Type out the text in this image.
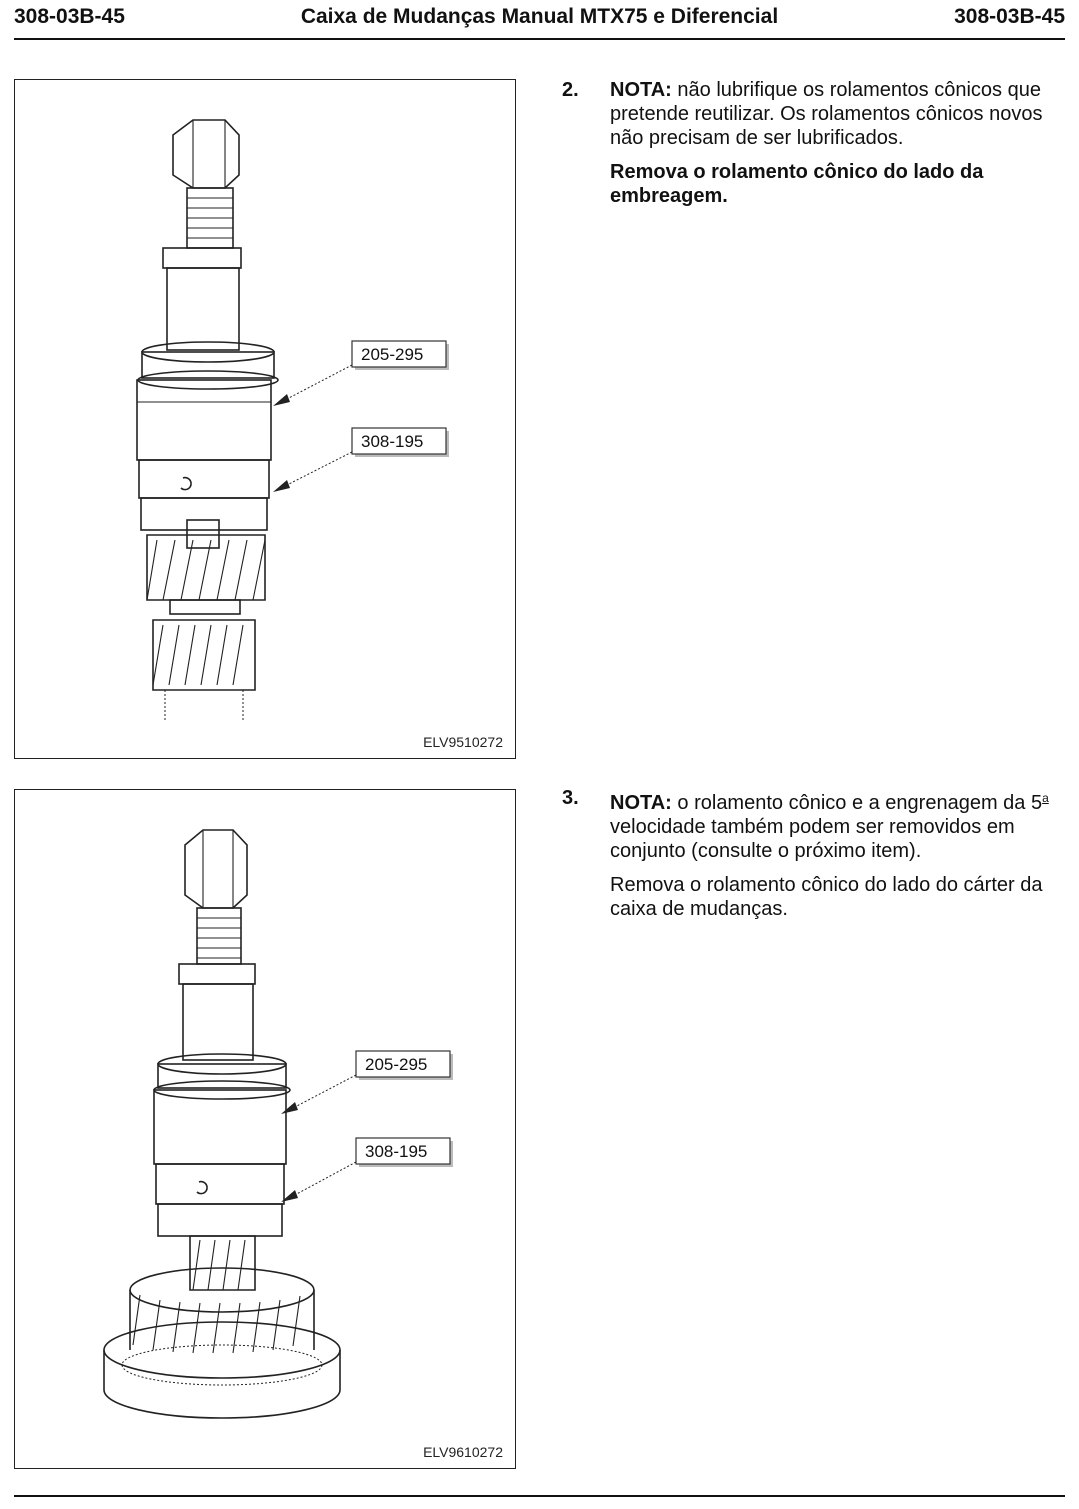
308-03B-45	Caixa de Mudanças Manual MTX75 e Diferencial	308-03B-45
205-295
308-195
ELV9510272
2. NOTA: não lubrifique os rolamentos cônicos que pretende reutilizar. Os rolamentos cônicos novos não precisam de ser lubrificados.

Remova o rolamento cônico do lado da embreagem.

205-295
308-195
ELV9610272
3. NOTA: o rolamento cônico e a engrenagem da 5$^a$ velocidade também podem ser removidos em conjunto (consulte o próximo item).

Remova o rolamento cônico do lado do cárter da caixa de mudanças.
